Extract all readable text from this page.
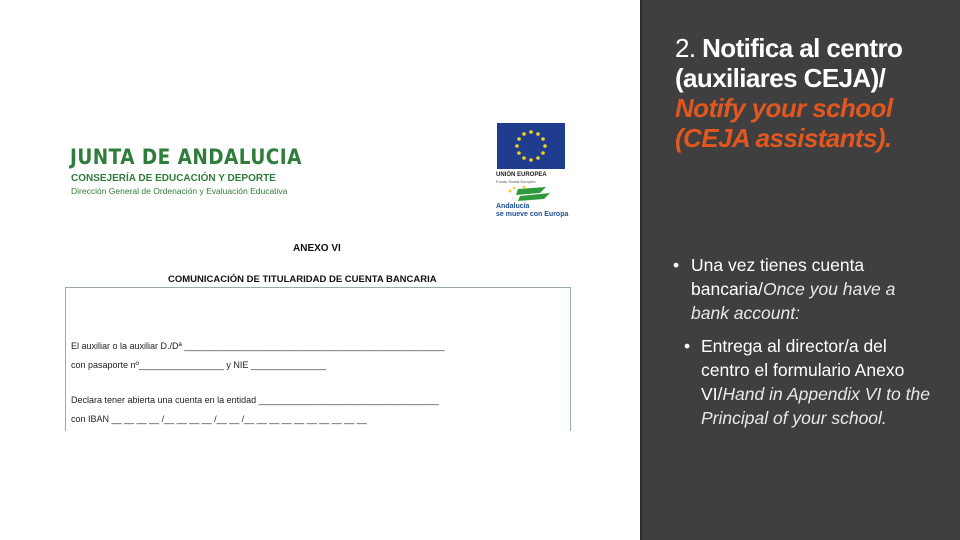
JUNTA DE ANDALUCIA
CONSEJERÍA DE EDUCACIÓN Y DEPORTE
Dirección General de Ordenación y Evaluación Educativa
UNIÓN EUROPEA
Fondo Social Europeo
Andalucía
se mueve con Europa
ANEXO VI
COMUNICACIÓN DE TITULARIDAD DE CUENTA BANCARIA
El auxiliar o la auxiliar D./Dª ____________________________________________________
con pasaporte nº_________________ y NIE _______________
Declara tener abierta una cuenta en la entidad ____________________________________
con IBAN __ __ __ __ /__ __ __ __ /__ __ /__ __ __ __ __ __ __ __ __ __
2. Notifica al centro (auxiliares CEJA)/ Notify your school (CEJA assistants).
• Una vez tienes cuenta bancaria/Once you have a bank account:
• Entrega al director/a del centro el formulario Anexo VI/Hand in Appendix VI to the Principal of your school.
